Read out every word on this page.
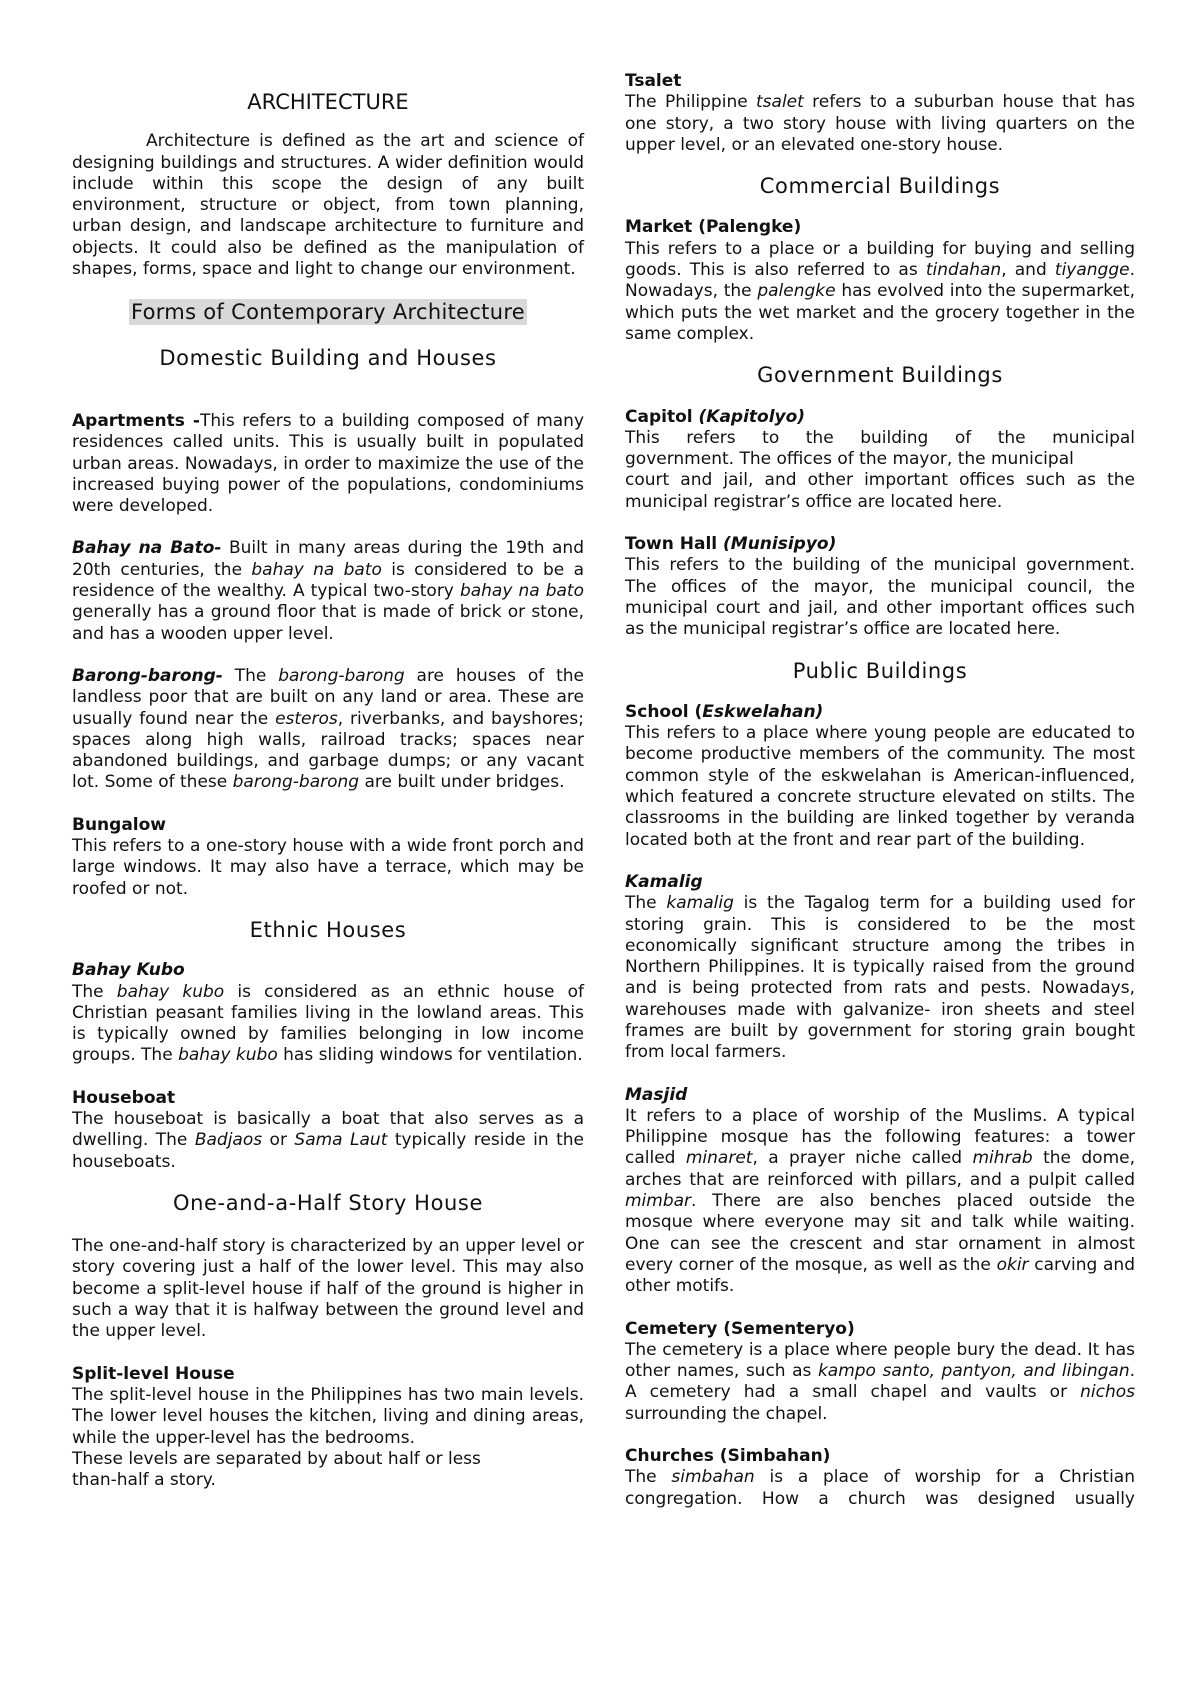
ARCHITECTURE

Architecture is defined as the art and science of designing buildings and structures. A wider definition would include within this scope the design of any built environment, structure or object, from town planning, urban design, and landscape architecture to furniture and objects. It could also be defined as the manipulation of shapes, forms, space and light to change our environment.

Forms of Contemporary Architecture
Domestic Building and Houses

Apartments -This refers to a building composed of many residences called units. This is usually built in populated urban areas. Nowadays, in order to maximize the use of the increased buying power of the populations, condominiums were developed.

Bahay na Bato- Built in many areas during the 19th and 20th centuries, the bahay na bato is considered to be a residence of the wealthy. A typical two-story bahay na bato generally has a ground floor that is made of brick or stone, and has a wooden upper level.

Barong-barong- The barong-barong are houses of the landless poor that are built on any land or area. These are usually found near the esteros, riverbanks, and bayshores; spaces along high walls, railroad tracks; spaces near abandoned buildings, and garbage dumps; or any vacant lot. Some of these barong-barong are built under bridges.

Bungalow

This refers to a one-story house with a wide front porch and large windows. It may also have a terrace, which may be roofed or not.

Ethnic Houses
Bahay Kubo

The bahay kubo is considered as an ethnic house of Christian peasant families living in the lowland areas. This is typically owned by families belonging in low income groups. The bahay kubo has sliding windows for ventilation.

Houseboat

The houseboat is basically a boat that also serves as a dwelling. The Badjaos or Sama Laut typically reside in the houseboats.

One-and-a-Half Story House

The one-and-half story is characterized by an upper level or story covering just a half of the lower level. This may also become a split-level house if half of the ground is higher in such a way that it is halfway between the ground level and the upper level.

Split-level House

The split-level house in the Philippines has two main levels. The lower level houses the kitchen, living and dining areas, while the upper-level has the bedrooms.

These levels are separated by about half or less
than-half a story.
Tsalet

The Philippine tsalet refers to a suburban house that has

one story, a two story house with living quarters on the upper level, or an elevated one-story house.

Commercial Buildings
Market (Palengke)

This refers to a place or a building for buying and selling goods. This is also referred to as tindahan, and tiyangge. Nowadays, the palengke has evolved into the supermarket, which puts the wet market and the grocery together in the same complex.

Government Buildings
Capitol (Kapitolyo)

This refers to the building of the municipal

government. The offices of the mayor, the municipal

court and jail, and other important offices such as the municipal registrar’s office are located here.

Town Hall (Munisipyo)

This refers to the building of the municipal government. The offices of the mayor, the municipal council, the municipal court and jail, and other important offices such as the municipal registrar’s office are located here.

Public Buildings
School (Eskwelahan)

This refers to a place where young people are educated to become productive members of the community. The most common style of the eskwelahan is American-influenced, which featured a concrete structure elevated on stilts. The classrooms in the building are linked together by veranda located both at the front and rear part of the building.

Kamalig

The kamalig is the Tagalog term for a building used for storing grain. This is considered to be the most economically significant structure among the tribes in Northern Philippines. It is typically raised from the ground and is being protected from rats and pests. Nowadays, warehouses made with galvanize- iron sheets and steel frames are built by government for storing grain bought from local farmers.

Masjid

It refers to a place of worship of the Muslims. A typical Philippine mosque has the following features: a tower called minaret, a prayer niche called mihrab the dome, arches that are reinforced with pillars, and a pulpit called mimbar. There are also benches placed outside the mosque where everyone may sit and talk while waiting. One can see the crescent and star ornament in almost every corner of the mosque, as well as the okir carving and other motifs.

Cemetery (Sementeryo)

The cemetery is a place where people bury the dead. It has other names, such as kampo santo, pantyon, and libingan. A cemetery had a small chapel and vaults or nichos surrounding the chapel.

Churches (Simbahan)

The simbahan is a place of worship for a Christian congregation. How a church was designed usually
